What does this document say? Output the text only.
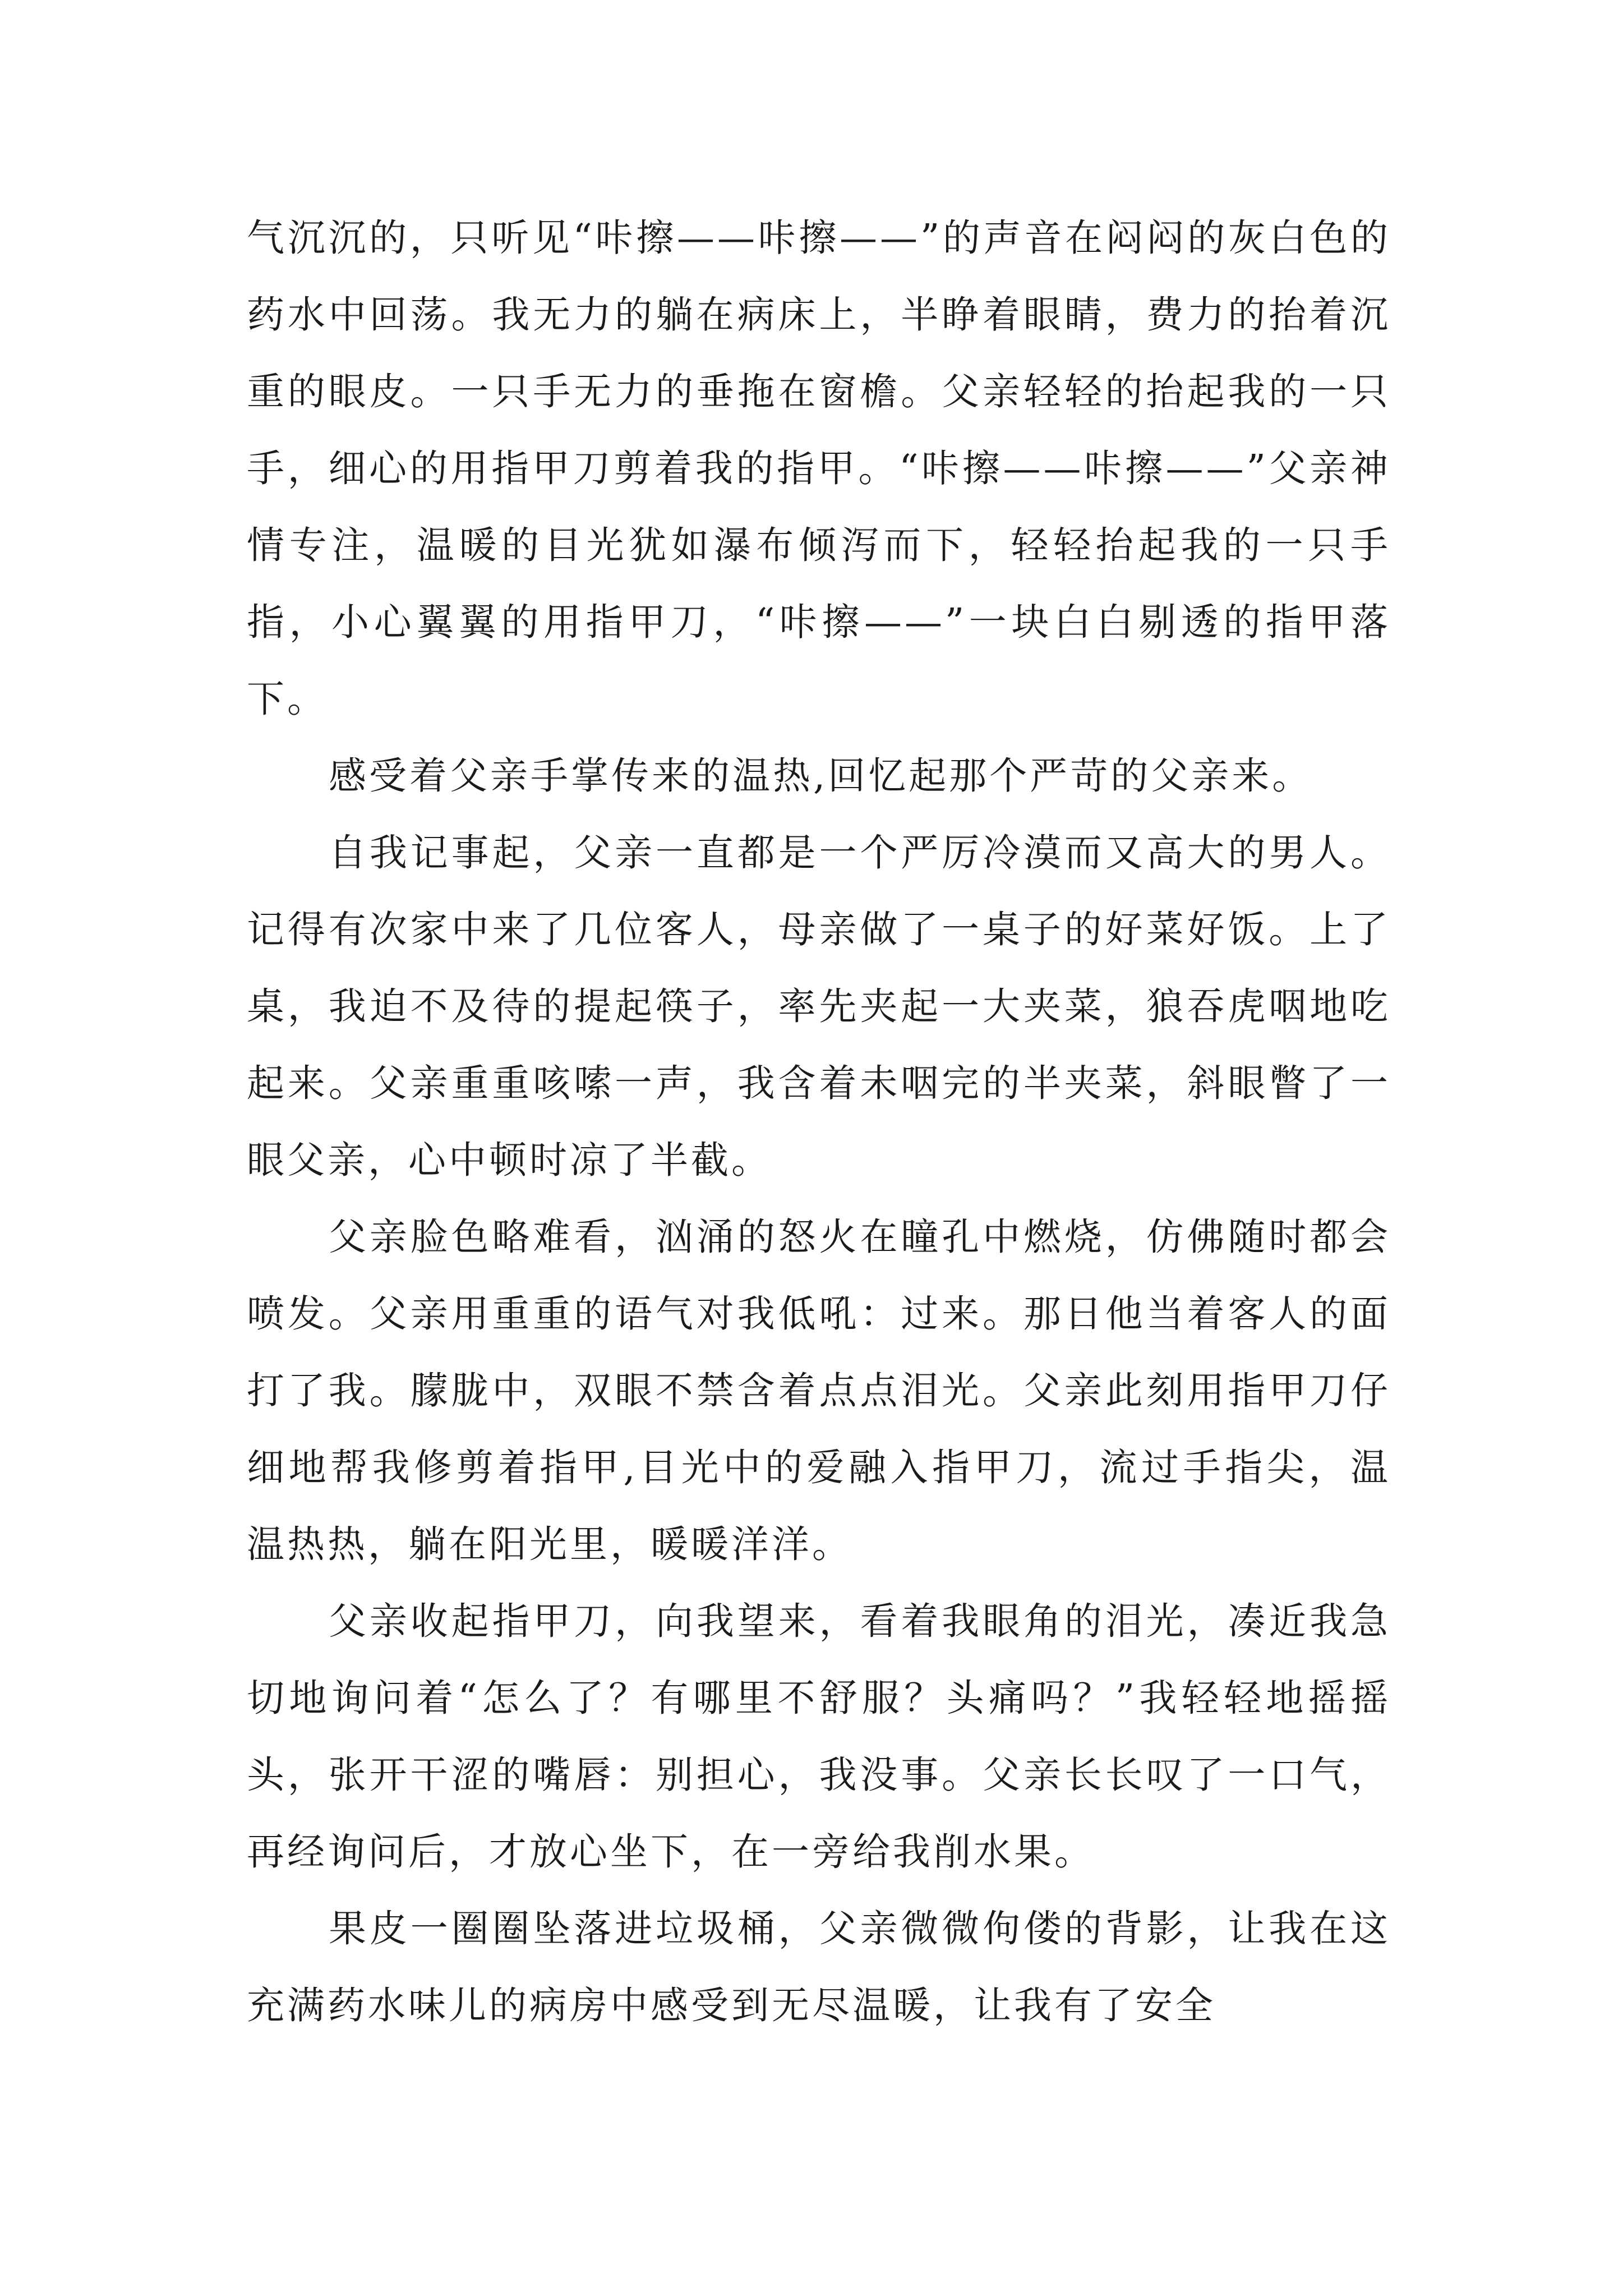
气沉沉的，只听见“咔擦——咔擦——”的声音在闷闷的灰白色的药水中回荡。我无力的躺在病床上，半睁着眼睛，费力的抬着沉重的眼皮。一只手无力的垂拖在窗檐。父亲轻轻的抬起我的一只手，细心的用指甲刀剪着我的指甲。“咔擦——咔擦——”父亲神情专注，温暖的目光犹如瀑布倾泻而下，轻轻抬起我的一只手指，小心翼翼的用指甲刀，“咔擦——”一块白白剔透的指甲落下。

感受着父亲手掌传来的温热,回忆起那个严苛的父亲来。

自我记事起，父亲一直都是一个严厉冷漠而又高大的男人。记得有次家中来了几位客人，母亲做了一桌子的好菜好饭。上了桌，我迫不及待的提起筷子，率先夹起一大夹菜，狼吞虎咽地吃起来。父亲重重咳嗦一声，我含着未咽完的半夹菜，斜眼瞥了一眼父亲，心中顿时凉了半截。

父亲脸色略难看，汹涌的怒火在瞳孔中燃烧，仿佛随时都会喷发。父亲用重重的语气对我低吼：过来。那日他当着客人的面打了我。朦胧中，双眼不禁含着点点泪光。父亲此刻用指甲刀仔细地帮我修剪着指甲,目光中的爱融入指甲刀，流过手指尖，温温热热，躺在阳光里，暖暖洋洋。

父亲收起指甲刀，向我望来，看着我眼角的泪光，凑近我急切地询问着“怎么了？有哪里不舒服？头痛吗？”我轻轻地摇摇头，张开干涩的嘴唇：别担心，我没事。父亲长长叹了一口气，再经询问后，才放心坐下，在一旁给我削水果。

果皮一圈圈坠落进垃圾桶，父亲微微佝偻的背影，让我在这充满药水味儿的病房中感受到无尽温暖，让我有了安全
